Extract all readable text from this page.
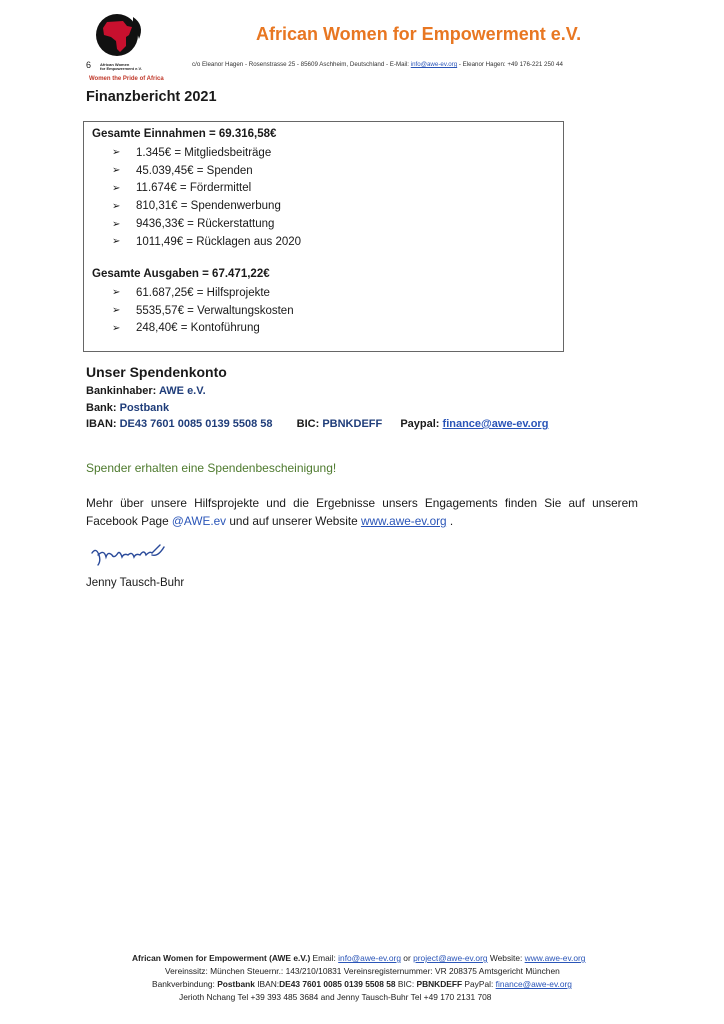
6 African Women
for Empowerment e.V.
Women the Pride of Africa
African Women for Empowerment e.V.
c/o Eleanor Hagen - Rosenstrasse 25 - 85609 Aschheim, Deutschland - E-Mail: info@awe-ev.org - Eleanor Hagen: +49 176-221 250 44
Finanzbericht 2021
Gesamte Einnahmen = 69.316,58€
➢	1.345€ = Mitgliedsbeiträge
➢	45.039,45€ = Spenden
➢	11.674€ = Fördermittel
➢	810,31€ = Spendenwerbung
➢	9436,33€ = Rückerstattung
➢	1011,49€ = Rücklagen aus 2020
Gesamte Ausgaben = 67.471,22€
➢	61.687,25€ = Hilfsprojekte
➢	5535,57€ = Verwaltungskosten
➢	248,40€ = Kontoführung
Unser Spendenkonto
Bankinhaber: AWE e.V.
Bank: Postbank
IBAN: DE43 7601 0085 0139 5508 58 BIC: PBNKDEFF Paypal: finance@awe-ev.org
Spender erhalten eine Spendenbescheinigung!
Mehr über unsere Hilfsprojekte und die Ergebnisse unsers Engagements finden Sie auf unserem Facebook Page @AWE.ev und auf unserer Website www.awe-ev.org .
Jenny Tausch-Buhr
African Women for Empowerment (AWE e.V.) Email: info@awe-ev.org or project@awe-ev.org Website: www.awe-ev.org
Vereinssitz: München Steuernr.: 143/210/10831 Vereinsregisternummer: VR 208375 Amtsgericht München
Bankverbindung: Postbank IBAN:DE43 7601 0085 0139 5508 58 BIC: PBNKDEFF PayPal: finance@awe-ev.org
Jerioth Nchang Tel +39 393 485 3684 and Jenny Tausch-Buhr Tel +49 170 2131 708
